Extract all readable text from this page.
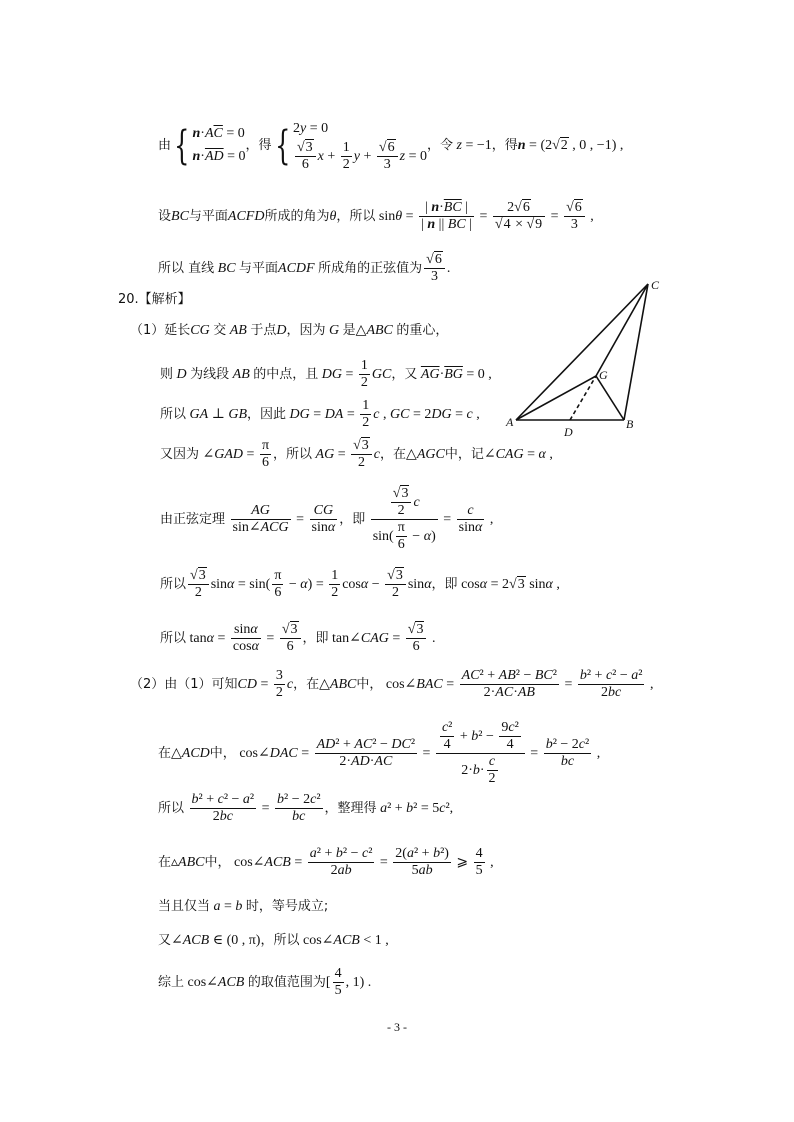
由{ $n\cdot A\overline{C} = 0$
$n\cdot\overline{AD} = 0$
，得{ 2y = 0
$\frac{√3}{6}$ $x + \frac{1}{2}$ $y + \frac{√6}{3}$ z = 0
，令 z = −1，得n = (2√2 , 0 , −1) ,
设BC与平面ACFD所成的角为θ，所以 $\sin\theta = \frac{| n\cdot\overline{BC} |}{| n || \overline{BC} |} = \frac{2√6}{√4 \times √9} = \frac{√6}{3}$ ,
所以 直线 BC 与平面ACDF 所成角的正弦值为 $\frac{√6}{3}$ .
20.【解析】
（1）延长CG 交 AB 于点D，因为 G 是△ABC 的重心，
则 D 为线段 AB 的中点，且 DG = $\frac{1}{2}$ GC，又 $\overline{AG}\cdot\overline{BG} = 0$ ,
所以 GA ⊥ GB，因此 DG = DA = $\frac{1}{2}$ c , GC = 2DG = c ,
又因为 ∠GAD = $\frac{\pi}{6}$ ，所以 AG = $\frac{√3}{2}$ c，在△AGC中，记∠CAG = α ,
由正弦定理 $\frac{AG}{\text{sin∠ACG}} = \frac{CG}{\sin\alpha}$ ，即 $\frac{\frac{√3}{2} c}{\sin( \frac{\pi}{6} - \alpha)} = \frac{c}{\sin\alpha}$ ,
所以 $\frac{√3}{2}$ $\sin\alpha = \sin( \frac{\pi}{6} - \alpha) = \frac{1}{2}$ $\cos\alpha - \frac{√3}{2}$ sinα，即 cosα = 2√3 sinα ,
所以 $\tan\alpha = \frac{\sin\alpha}{\cos\alpha} = \frac{√3}{6}$ ，即 tan∠CAG = $\frac{√3}{6}$ .
（2）由（1）可知CD = $\frac{3}{2}$ c，在△ABC中， cos∠BAC = $\frac{\text{AC² + AB² − BC²}}{2\cdot AC\cdot AB} = \frac{\text{b² + c² − a²}}{2bc}$ ,
在△ACD中， cos∠DAC = $\frac{\text{AD² + AC² − DC²}}{2\cdot AD\cdot AC} = \frac{\frac{\text{c²}}{4} + b^2 - \frac{\text{9c²}}{4}}{2\cdot b\cdot \frac{c}{2}} = \frac{\text{b² − 2c²}}{bc}$ ,
所以 $\frac{\text{b² + c² − a²}}{2bc} = \frac{\text{b² − 2c²}}{bc}$ ，整理得 a² + b² = 5c²,
在▵ABC中， cos∠ACB = $\frac{\text{a² + b² − c²}}{2ab} = \frac{\text{2(a² + b²)}}{5ab}$ ⩾ $\frac{4}{5}$ ,
当且仅当 a = b 时，等号成立;
又∠ACB ∈ (0 , π)，所以 cos∠ACB < 1 ,
综上 cos∠ACB 的取值范围为[ $\frac{4}{5}$ , 1) .
A	B
C
D
G
- 3 -
